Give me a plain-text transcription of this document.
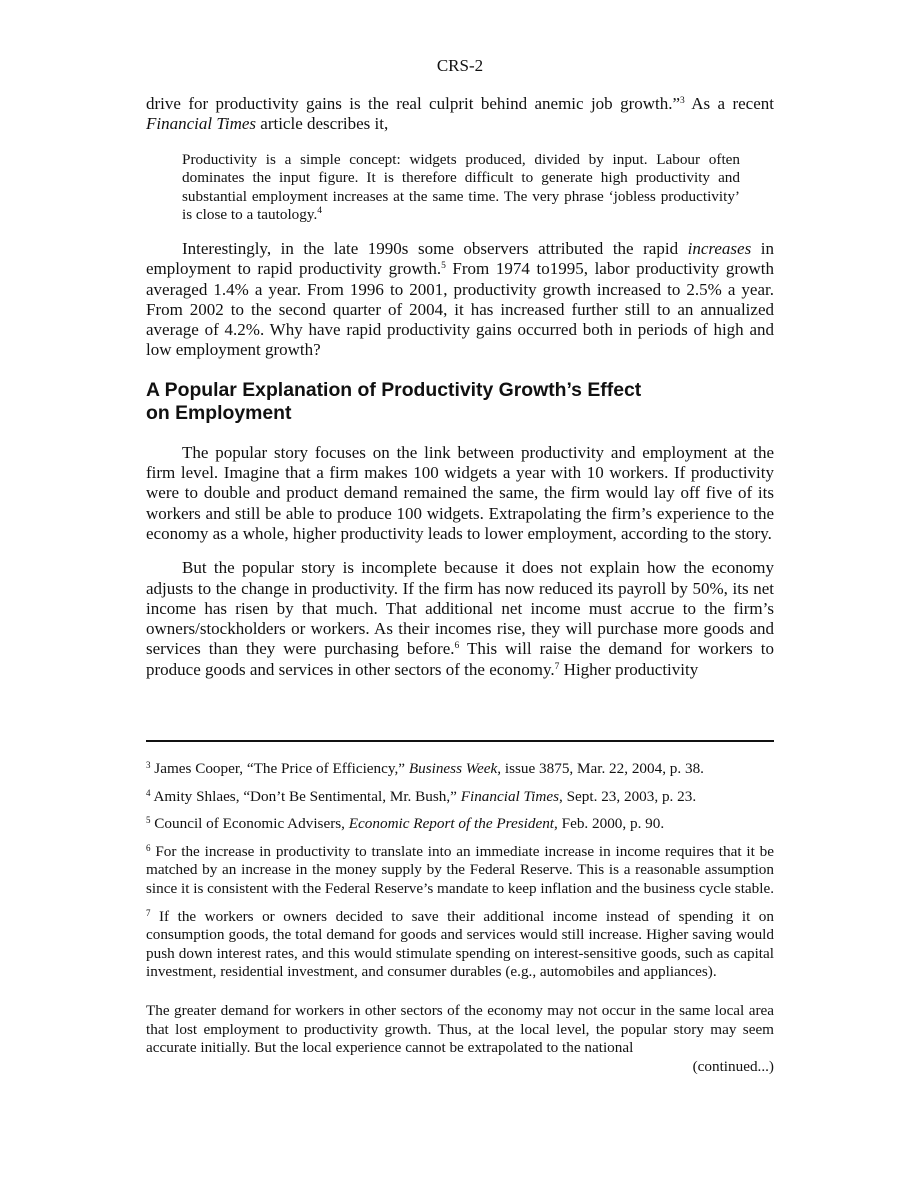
CRS-2

drive for productivity gains is the real culprit behind anemic job growth.”$^3$ As a recent Financial Times article describes it,

Productivity is a simple concept: widgets produced, divided by input. Labour often dominates the input figure. It is therefore difficult to generate high productivity and substantial employment increases at the same time. The very phrase ‘jobless productivity’ is close to a tautology.$^4$

Interestingly, in the late 1990s some observers attributed the rapid increases in employment to rapid productivity growth.$^5$ From 1974 to1995, labor productivity growth averaged 1.4% a year. From 1996 to 2001, productivity growth increased to 2.5% a year. From 2002 to the second quarter of 2004, it has increased further still to an annualized average of 4.2%. Why have rapid productivity gains occurred both in periods of high and low employment growth?

A Popular Explanation of Productivity Growth’s Effect
on Employment

The popular story focuses on the link between productivity and employment at the firm level. Imagine that a firm makes 100 widgets a year with 10 workers. If productivity were to double and product demand remained the same, the firm would lay off five of its workers and still be able to produce 100 widgets. Extrapolating the firm’s experience to the economy as a whole, higher productivity leads to lower employment, according to the story.

But the popular story is incomplete because it does not explain how the economy adjusts to the change in productivity. If the firm has now reduced its payroll by 50%, its net income has risen by that much. That additional net income must accrue to the firm’s owners/stockholders or workers. As their incomes rise, they will purchase more goods and services than they were purchasing before.$^6$ This will raise the demand for workers to produce goods and services in other sectors of the economy.$^7$ Higher productivity

$^3$ James Cooper, “The Price of Efficiency,” Business Week, issue 3875, Mar. 22, 2004, p. 38.

$^4$ Amity Shlaes, “Don’t Be Sentimental, Mr. Bush,” Financial Times, Sept. 23, 2003, p. 23.

$^5$ Council of Economic Advisers, Economic Report of the President, Feb. 2000, p. 90.

$^6$ For the increase in productivity to translate into an immediate increase in income requires that it be matched by an increase in the money supply by the Federal Reserve. This is a reasonable assumption since it is consistent with the Federal Reserve’s mandate to keep inflation and the business cycle stable.

$^7$ If the workers or owners decided to save their additional income instead of spending it on consumption goods, the total demand for goods and services would still increase. Higher saving would push down interest rates, and this would stimulate spending on interest-sensitive goods, such as capital investment, residential investment, and consumer durables (e.g., automobiles and appliances).

The greater demand for workers in other sectors of the economy may not occur in the same local area that lost employment to productivity growth. Thus, at the local level, the popular story may seem accurate initially. But the local experience cannot be extrapolated to the national

(continued...)
